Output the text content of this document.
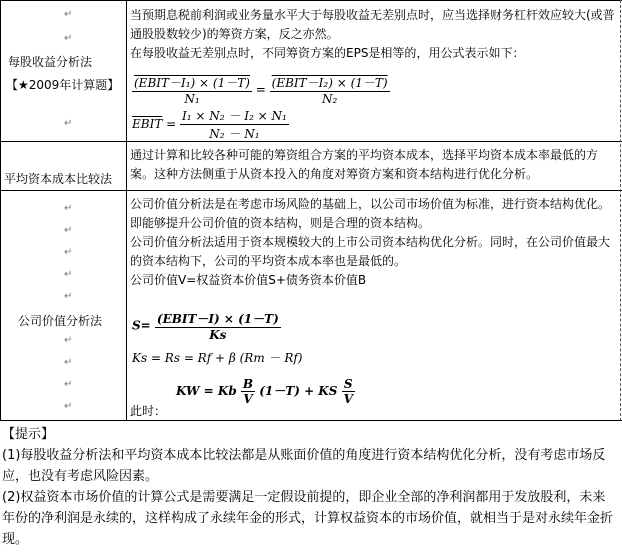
↵
↵
↵
↵
↵
↵
↵
↵
↵
↵
↵
↵
每股收益分析法
【★2009年计算题】

当预期息税前利润或业务量水平大于每股收益无差别点时，应当选择财务杠杆效应较大(或普通股股数较少)的筹资方案，反之亦然。

在每股收益无差别点时，不同筹资方案的EPS是相等的，用公式表示如下：

$\frac{\text{(EBIT－I₁) × (1－T)}}{\text{N₁}} = \frac{\text{(EBIT－I₂) × (1－T)}}{\text{N₂}}$
EBIT = $\frac{\text{I₁ × N₂ － I₂ × N₁}}{\text{N₂ － N₁}}$
平均资本成本比较法

通过计算和比较各种可能的筹资组合方案的平均资本成本，选择平均资本成本率最低的方案。这种方法侧重于从资本投入的角度对筹资方案和资本结构进行优化分析。

公司价值分析法

公司价值分析法是在考虑市场风险的基础上，以公司市场价值为标准，进行资本结构优化。即能够提升公司价值的资本结构，则是合理的资本结构。

公司价值分析法适用于资本规模较大的上市公司资本结构优化分析。同时，在公司价值最大的资本结构下，公司的平均资本成本率也是最低的。

公司价值V=权益资本价值S+债务资本价值B

$S= \frac{\text{(EBIT－I) × (1－T)}}{Ks}$
Ks = Rs = Rf + β (Rm － Rf)
此时：
KW = Kb $\frac{B}{V} (1-T)$ + KS $\frac{S}{V}$

【提示】

(1)每股收益分析法和平均资本成本比较法都是从账面价值的角度进行资本结构优化分析，没有考虑市场反应，也没有考虑风险因素。

(2)权益资本市场价值的计算公式是需要满足一定假设前提的，即企业全部的净利润都用于发放股利，未来年份的净利润是永续的，这样构成了永续年金的形式，计算权益资本的市场价值，就相当于是对永续年金折现。
